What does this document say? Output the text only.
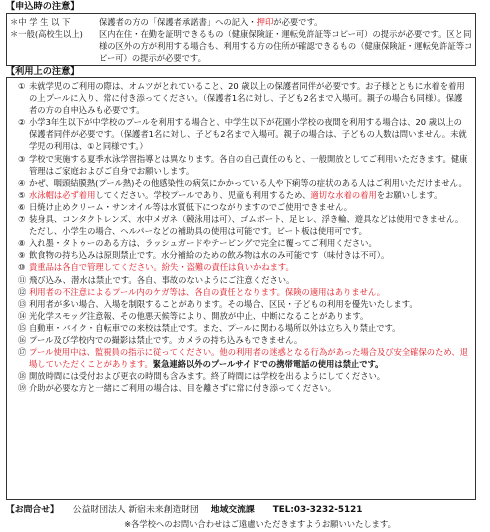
【申込時の注意】
＊中 学 生 以 下	保護者の方の「保護者承諾書」への記入・押印が必要です。
＊一般(高校生以上)	区内在住・在勤を証明できるもの（健康保険証・運転免許証等コピー可）の提示が必要です。区と同様の区外の方が利用する場合も、利用する方の住所が確認できるもの（健康保険証・運転免許証等コピー可）の提示が必要です。
【利用上の注意】
① 未就学児のご利用の際は、オムツがとれていること、20 歳以上の保護者同伴が必要です。お子様とともに水着を着用の上プールに入り、常に付き添ってください。（保護者1名に対し、子ども2名まで入場可。親子の場合も同様）。保護者の方の自申込みも必要です。
② 小学3年生以下が中学校のプールを利用する場合と、中学生以下が花園小学校の夜間を利用する場合は、20 歳以上の保護者同伴が必要です。（保護者1名に対し、子ども2名まで入場可。親子の場合は、子どもの人数は問いません。未就学児の利用は、①と同様です。）
③ 学校で実施する夏季水泳学習指導とは異なります。各自の自己責任のもと、一般開放としてご利用いただきます。健康管理はご家庭およびご自身でお願いします。
④ かぜ、咽頭結膜熱(プール熱)その他感染性の病気にかかっている人や下痢等の症状のある人はご利用いただけません。
⑤ 水泳帽は必ず着用してください。学校プールであり、児童も利用するため、適切な水着の着用をお願いします。
⑥ 日焼け止めクリーム・サンオイル等は水質低下につながりますのでご使用できません。
⑦ 装身具、コンタクトレンズ、水中メガネ（競泳用は可）、ゴムボート、足ヒレ、浮き輪、遊具などは使用できません。ただし、小学生の場合、ヘルパーなどの補助具の使用は可能です。ビート板は使用可です。
⑧ 入れ墨・タトゥーのある方は、ラッシュガードやテーピングで完全に覆ってご利用ください。
⑨ 飲食物の持ち込みは原則禁止です。水分補給のための飲み物は水のみ可能です（味付きは不可）。
⑩ 貴重品は各自で管理してください。紛失・盗難の責任は負いかねます。
⑪ 飛び込み、潜水は禁止です。各自、事故のないようにご注意ください。
⑫ 利用者の不注意によるプール内のケガ等は、各自の責任となります。保険の適用はありません。
⑬ 利用者が多い場合、入場を制限することがあります。その場合、区民・子どもの利用を優先いたします。
⑭ 光化学スモッグ注意報、その他悪天候等により、開放が中止、中断になることがあります。
⑮ 自動車・バイク・自転車での来校は禁止です。また、プールに関わる場所以外は立ち入り禁止です。
⑯ プール及び学校内での撮影は禁止です。カメラの持ち込みもできません。
⑰ プール使用中は、監視員の指示に従ってください。他の利用者の迷惑となる行為があった場合及び安全確保のため、退場していただくことがあります。緊急連絡以外のプールサイドでの携帯電話の使用は禁止です。
⑱ 開放時間には受付および更衣の時間も含みます。終了時間には学校を出るようにしてください。
⑲ 介助が必要な方と一緒にご利用の場合は、目を離さずに常に付き添ってください。
【お問合せ】 公益財団法人 新宿未来創造財団 地域交流課 TEL:03-3232-5121
※各学校へのお問い合わせはご遠慮いただきますようお願いいたします。
